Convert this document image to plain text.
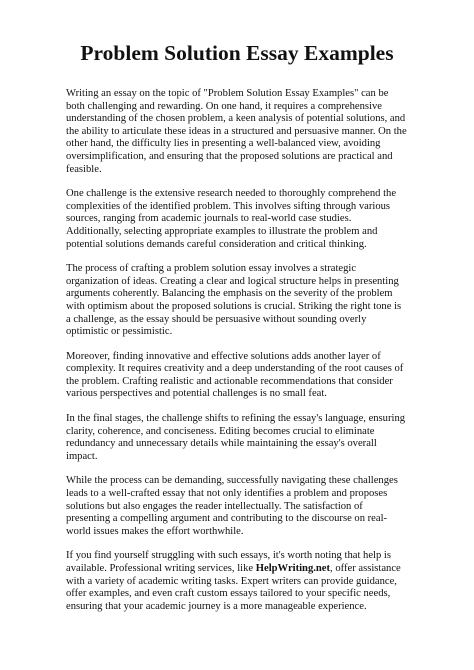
Problem Solution Essay Examples

Writing an essay on the topic of "Problem Solution Essay Examples" can be both challenging and rewarding. On one hand, it requires a comprehensive understanding of the chosen problem, a keen analysis of potential solutions, and the ability to articulate these ideas in a structured and persuasive manner. On the other hand, the difficulty lies in presenting a well-balanced view, avoiding oversimplification, and ensuring that the proposed solutions are practical and feasible.

One challenge is the extensive research needed to thoroughly comprehend the complexities of the identified problem. This involves sifting through various sources, ranging from academic journals to real-world case studies. Additionally, selecting appropriate examples to illustrate the problem and potential solutions demands careful consideration and critical thinking.

The process of crafting a problem solution essay involves a strategic organization of ideas. Creating a clear and logical structure helps in presenting arguments coherently. Balancing the emphasis on the severity of the problem with optimism about the proposed solutions is crucial. Striking the right tone is a challenge, as the essay should be persuasive without sounding overly optimistic or pessimistic.

Moreover, finding innovative and effective solutions adds another layer of complexity. It requires creativity and a deep understanding of the root causes of the problem. Crafting realistic and actionable recommendations that consider various perspectives and potential challenges is no small feat.

In the final stages, the challenge shifts to refining the essay's language, ensuring clarity, coherence, and conciseness. Editing becomes crucial to eliminate redundancy and unnecessary details while maintaining the essay's overall impact.

While the process can be demanding, successfully navigating these challenges leads to a well-crafted essay that not only identifies a problem and proposes solutions but also engages the reader intellectually. The satisfaction of presenting a compelling argument and contributing to the discourse on real-world issues makes the effort worthwhile.

If you find yourself struggling with such essays, it's worth noting that help is available. Professional writing services, like HelpWriting.net, offer assistance with a variety of academic writing tasks. Expert writers can provide guidance, offer examples, and even craft custom essays tailored to your specific needs, ensuring that your academic journey is a more manageable experience.
